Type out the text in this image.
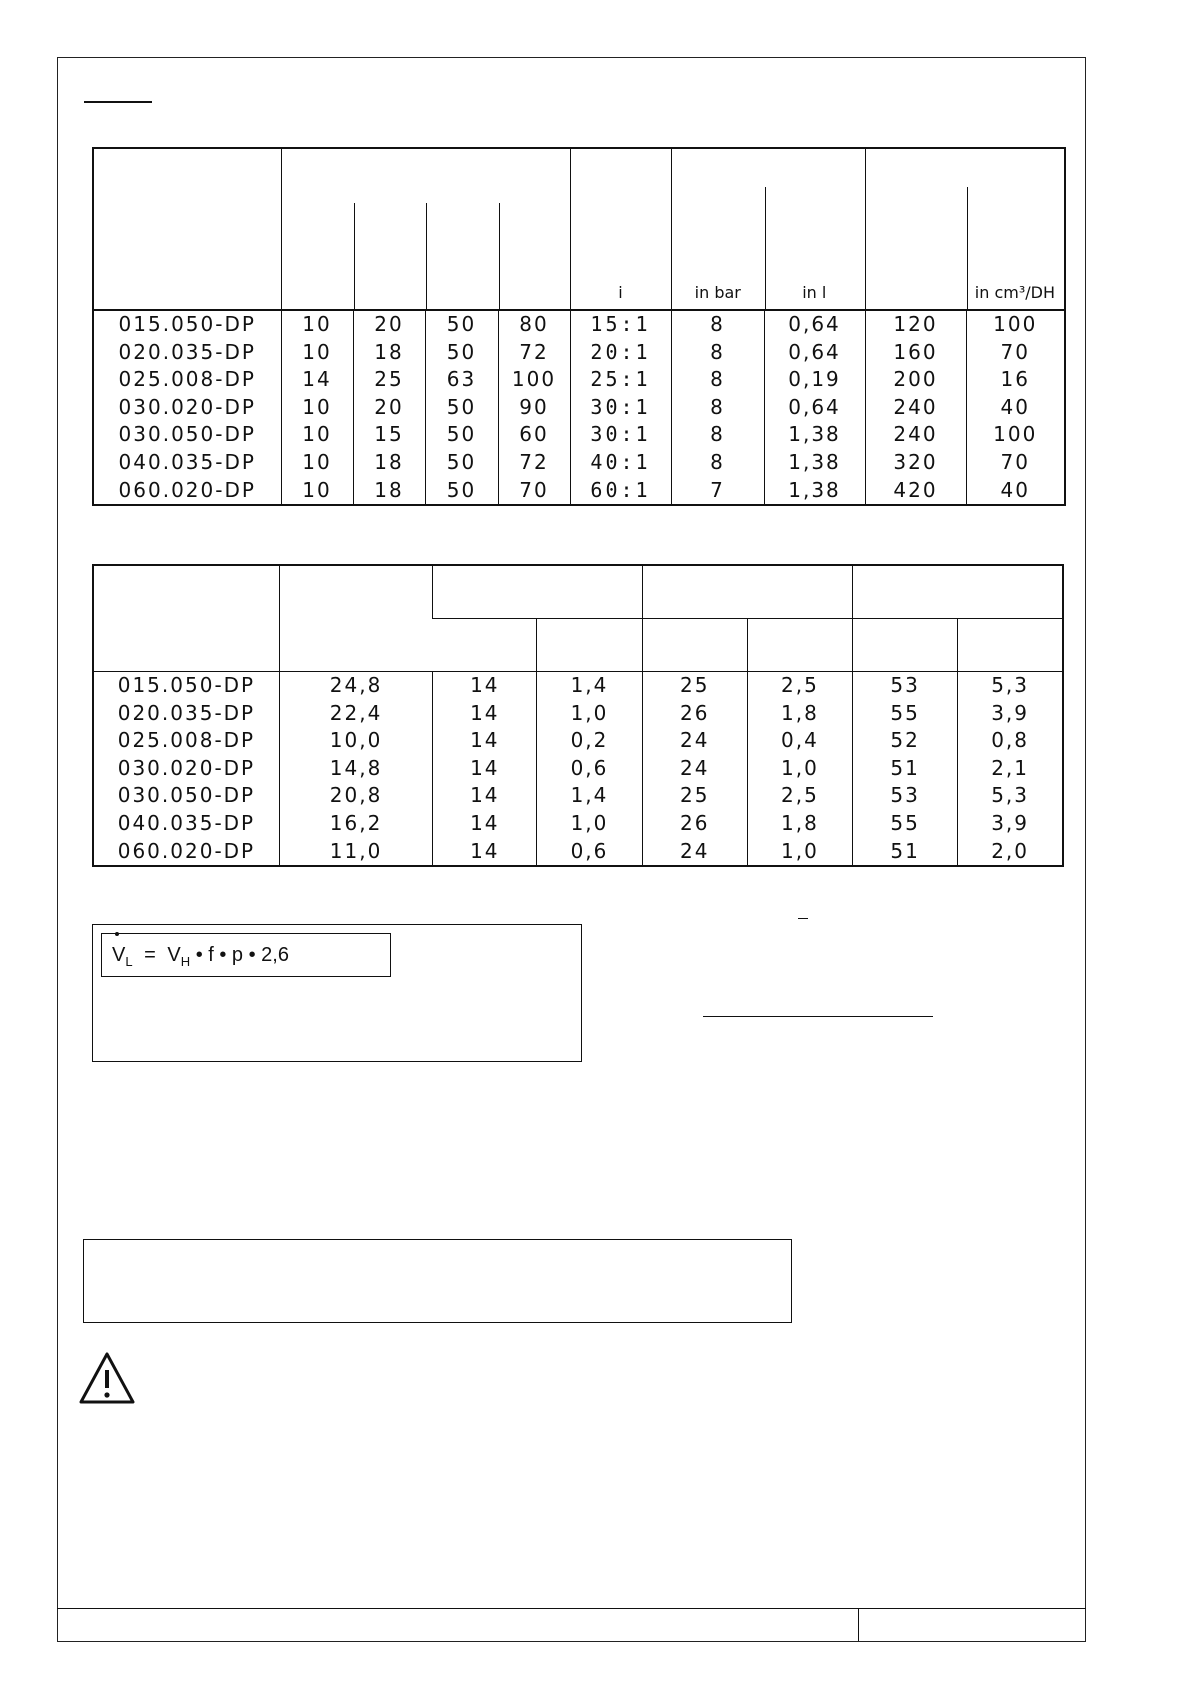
					i	in bar in l		in cm³/DH	

015.050-DP	10	20	50	80	15:1	8	0,64	120	100
020.035-DP	10	18	50	72	20:1	8	0,64	160	70
025.008-DP	14	25	63	100	25:1	8	0,19	200	16
030.020-DP	10	20	50	90	30:1	8	0,64	240	40
030.050-DP	10	15	50	60	30:1	8	1,38	240	100
040.035-DP	10	18	50	72	40:1	8	1,38	320	70
060.020-DP	10	18	50	70	60:1	7	1,38	420	40

015.050-DP	24,8	14	1,4	25	2,5	53	5,3
020.035-DP	22,4	14	1,0	26	1,8	55	3,9
025.008-DP	10,0	14	0,2	24	0,4	52	0,8
030.020-DP	14,8	14	0,6	24	1,0	51	2,1
030.050-DP	20,8	14	1,4	25	2,5	53	5,3
040.035-DP	16,2	14	1,0	26	1,8	55	3,9
060.020-DP	11,0	14	0,6	24	1,0	51	2,0
$V_L = V_H$ • f • p • 2,6
